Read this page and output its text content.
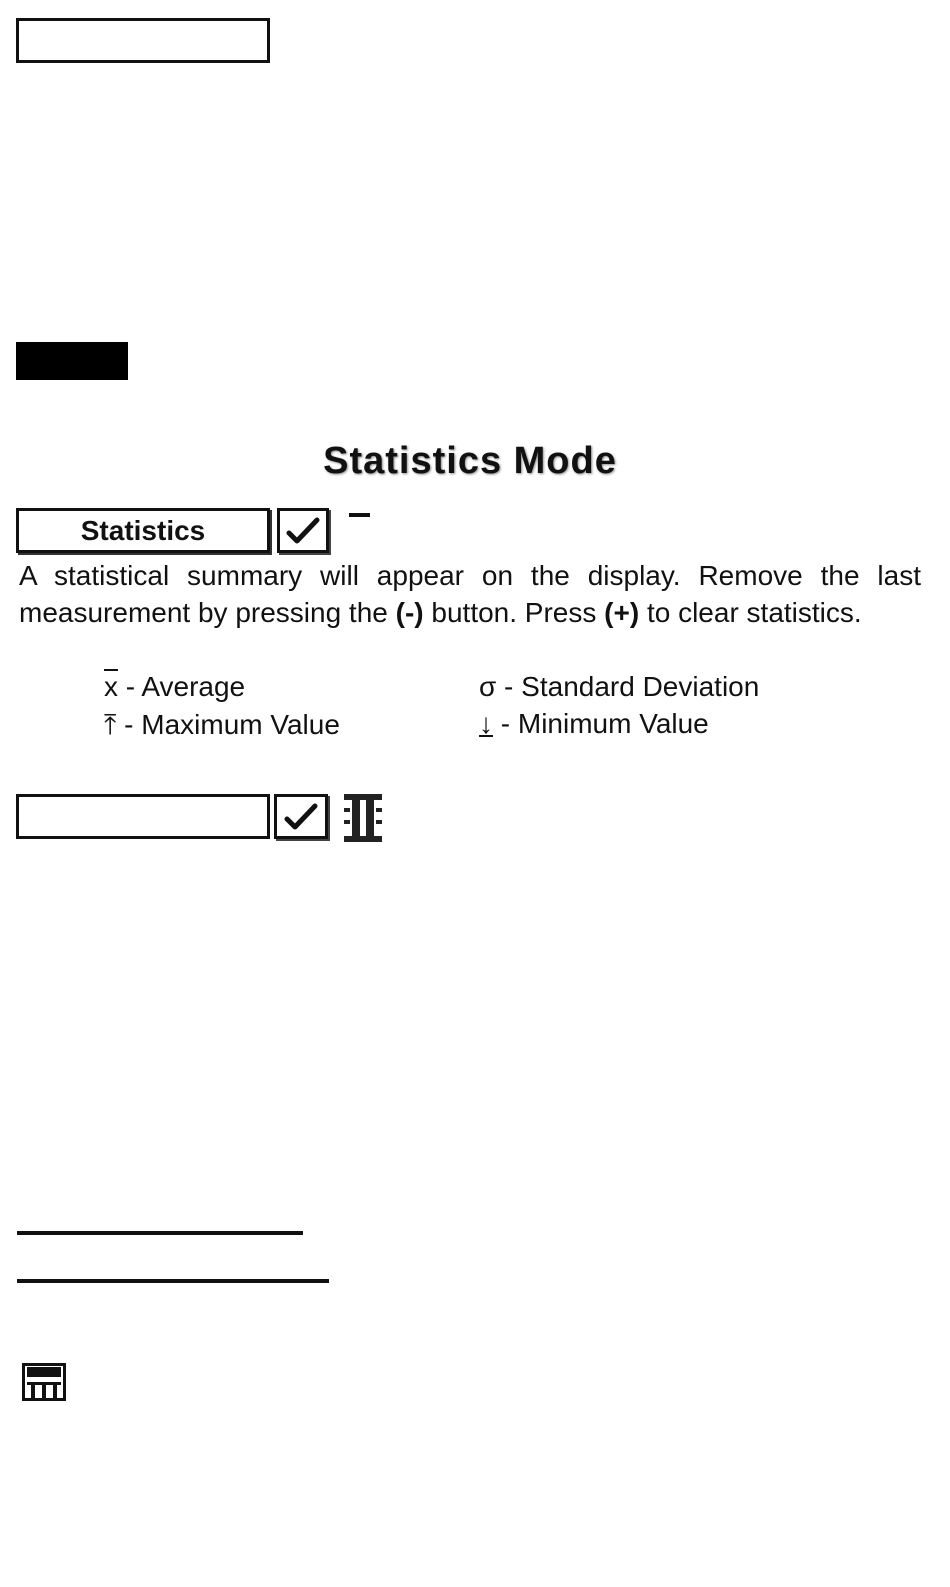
Statistics Mode
Statistics
A statistical summary will appear on the display. Remove the last measurement by pressing the (-) button. Press (+) to clear statistics.
$\overline{x}$ - Average	σ - Standard Deviation
⤒ - Maximum Value	↓ - Minimum Value
